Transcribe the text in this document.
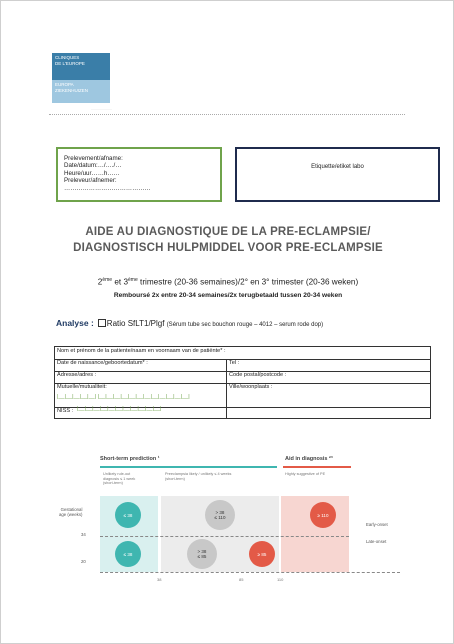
CLINIQUES
DE L'EUROPE
EUROPA
ZIEKENHUIZEN
…………………
Prelevement/afname:
Date/datum:…/…./…
Heure/uur……h……
Preleveur/afnemer:
……………………………………
Etiquette/etiket labo
AIDE AU DIAGNOSTIQUE DE LA PRE-ECLAMPSIE/
DIAGNOSTISCH HULPMIDDEL VOOR PRE-ECLAMPSIE
2ème et 3ème trimestre (20-36 semaines)/2° en 3° trimester (20-36 weken)
Remboursé 2x entre 20-34 semaines/2x terugbetaald tussen 20-34 weken
Analyse : Ratio SfLT1/Plgf (Sérum tube sec bouchon rouge – 4012 – serum rode dop)
Nom et prénom de la patiente/naam en voornaam van de patiënte* :
Date de naissance/geboortedatum* :	Tel :
Adresse/adres :	Code postal/postcode :
Mutuelle/mutualiteit:	Ville/woonplaats :
|__|__|__|__|__| |__|__|__|__|__|__|__|__|__|__|__|__|
NISS : |__|__|__|__|__|__|__|__|__|__|__|
Short-term prediction ¹	Aid in diagnosis ²³
Unlikely rule-out
diagnosis ≤ 1 week
(short-term)
Preeclampsia likely / unlikely ≤ 4 weeks
(short-term)
Highly suggestive of PE
≤ 38	> 38
≤ 110	≥ 110
≤ 38	> 38
≤ 85	≥ 85
Gestational
age (weeks)
34
20
Early-onset
Late-onset
38	85	110
